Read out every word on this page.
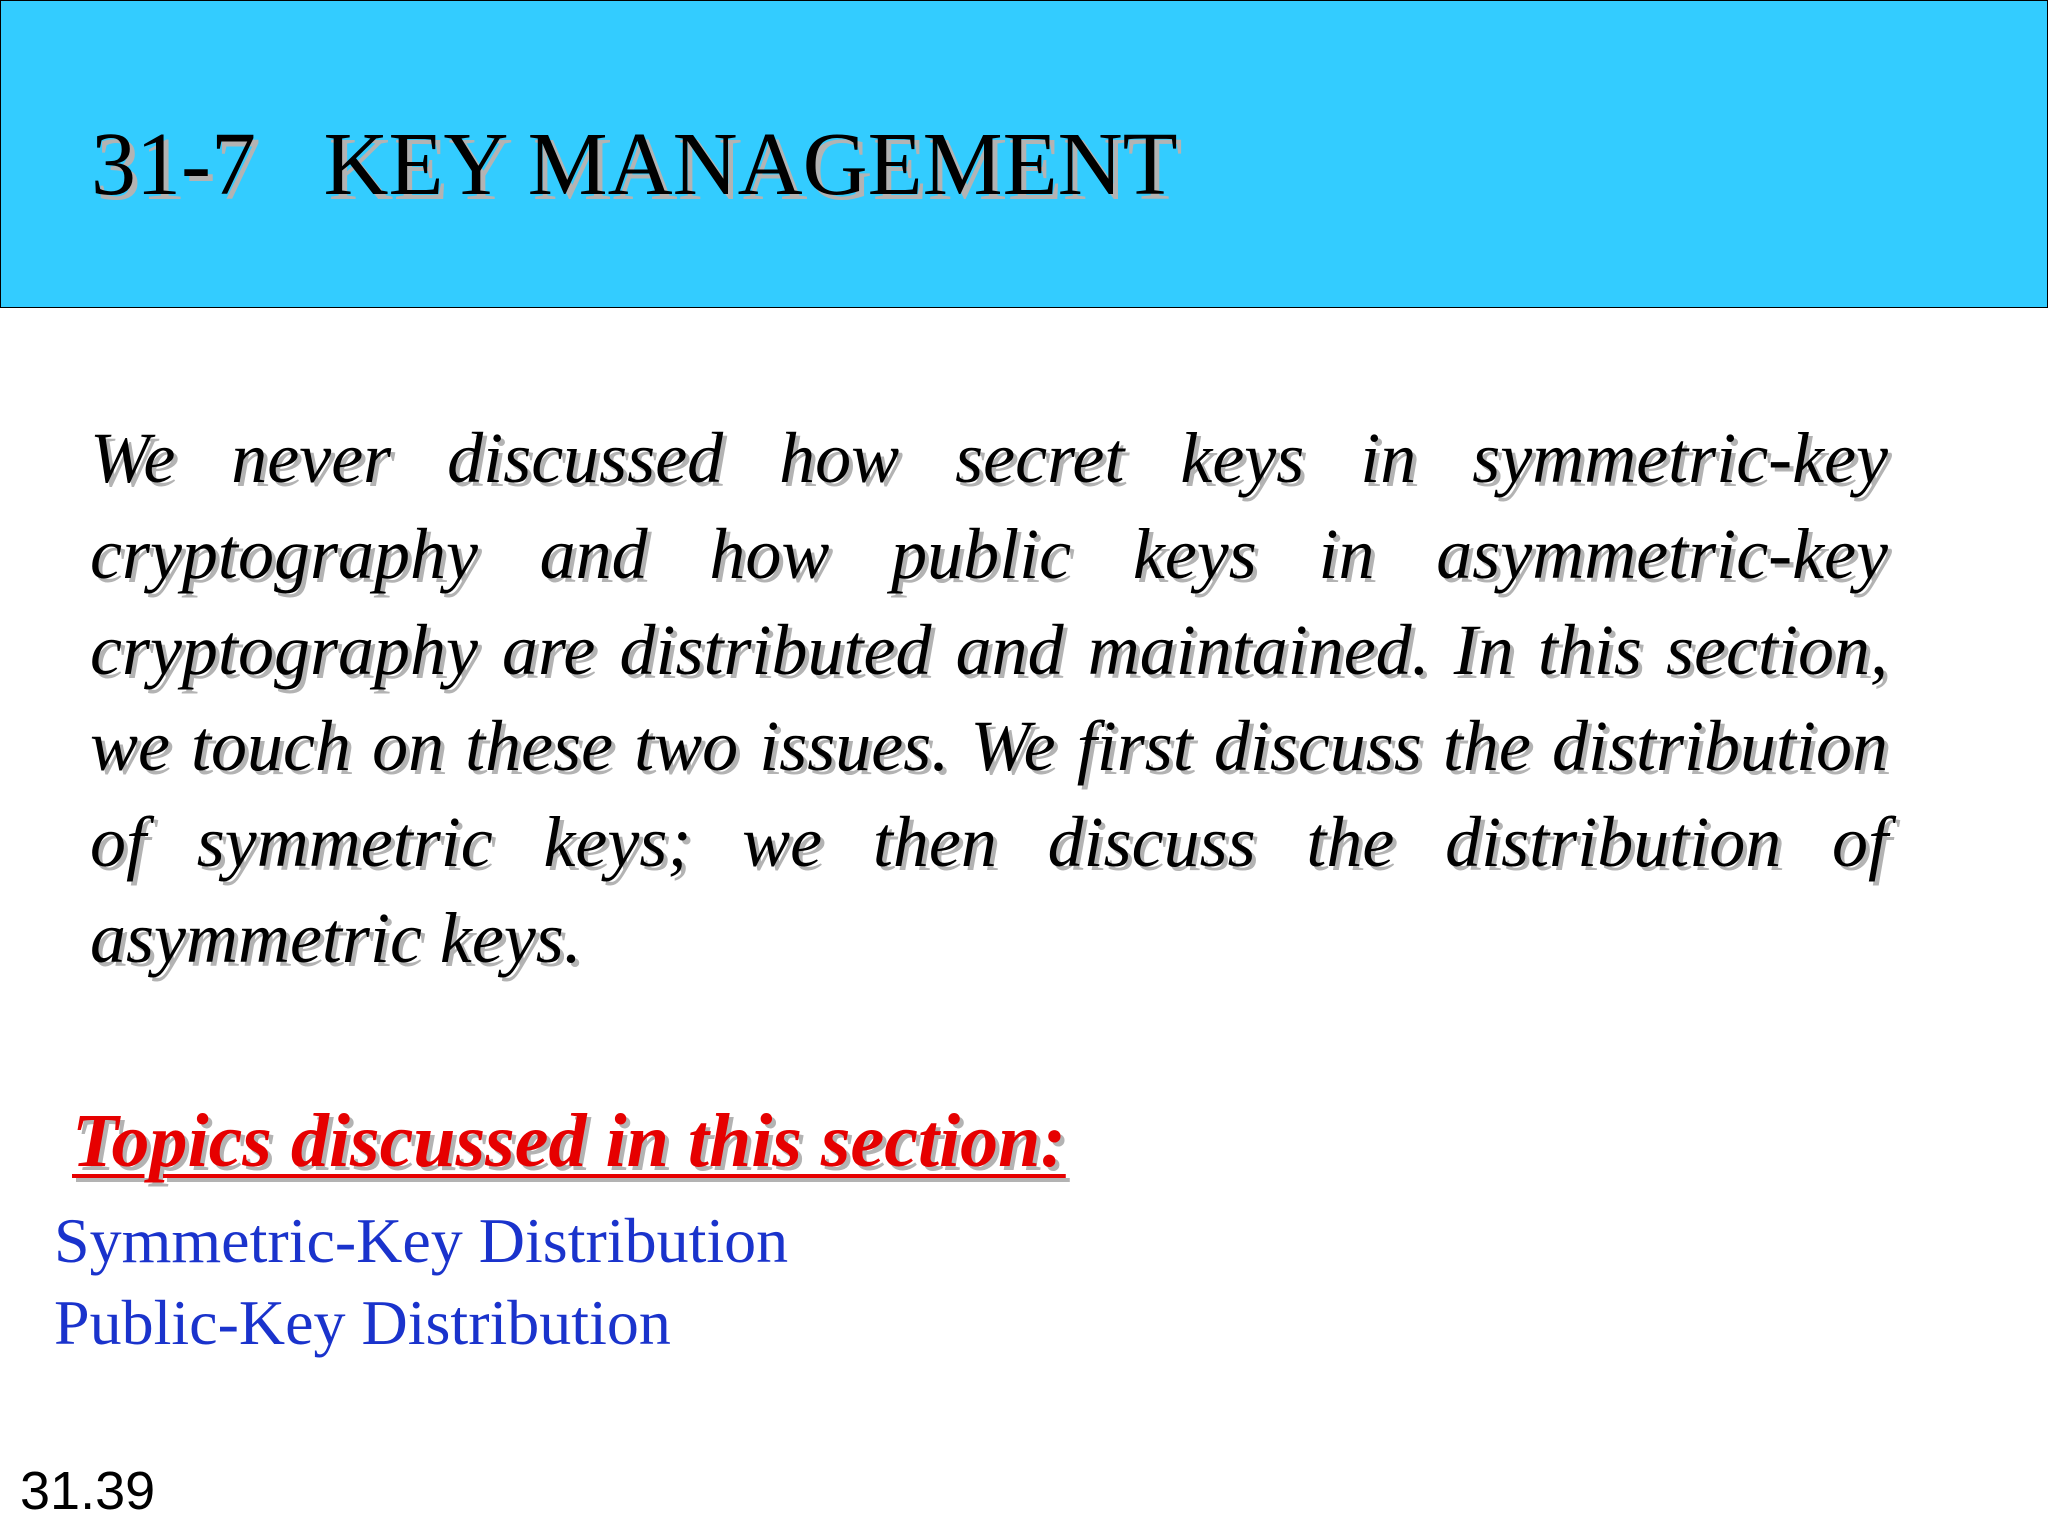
31-7   KEY MANAGEMENT

We never discussed how secret keys in symmetric-key cryptography and how public keys in asymmetric-key cryptography are distributed and maintained. In this section, we touch on these two issues. We first discuss the distribution of symmetric keys; we then discuss the distribution of asymmetric keys.

Topics discussed in this section:
Symmetric-Key Distribution
Public-Key Distribution
31.39
